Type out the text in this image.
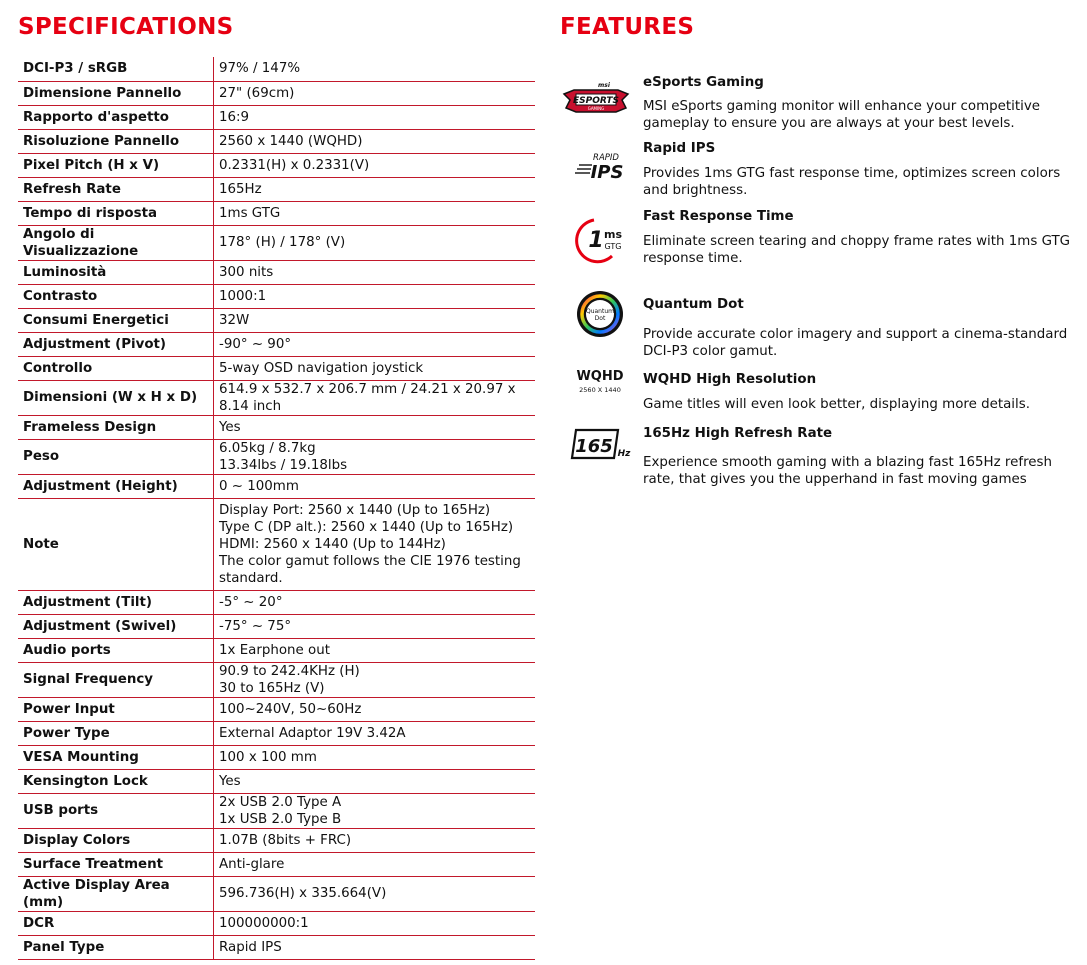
SPECIFICATIONS
DCI-P3 / sRGB	97% / 147%
Dimensione Pannello	27" (69cm)
Rapporto d'aspetto	16:9
Risoluzione Pannello	2560 x 1440 (WQHD)
Pixel Pitch (H x V)	0.2331(H) x 0.2331(V)
Refresh Rate	165Hz
Tempo di risposta	1ms GTG
Angolo di Visualizzazione	178° (H) / 178° (V)
Luminosità	300 nits
Contrasto	1000:1
Consumi Energetici	32W
Adjustment (Pivot)	-90° ~ 90°
Controllo	5-way OSD navigation joystick
Dimensioni (W x H x D)	614.9 x 532.7 x 206.7 mm / 24.21 x 20.97 x 8.14 inch
Frameless Design	Yes
Peso	6.05kg / 8.7kg
13.34lbs / 19.18lbs
Adjustment (Height)	0 ~ 100mm
Note	Display Port: 2560 x 1440 (Up to 165Hz)
Type C (DP alt.): 2560 x 1440 (Up to 165Hz)
HDMI: 2560 x 1440 (Up to 144Hz)
The color gamut follows the CIE 1976 testing standard.
Adjustment (Tilt)	-5° ~ 20°
Adjustment (Swivel)	-75° ~ 75°
Audio ports	1x Earphone out
Signal Frequency	90.9 to 242.4KHz (H)
30 to 165Hz (V)
Power Input	100~240V, 50~60Hz
Power Type	External Adaptor 19V 3.42A
VESA Mounting	100 x 100 mm
Kensington Lock	Yes
USB ports	2x USB 2.0 Type A
1x USB 2.0 Type B
Display Colors	1.07B (8bits + FRC)
Surface Treatment	Anti-glare
Active Display Area (mm)	596.736(H) x 335.664(V)
DCR	100000000:1
Panel Type	Rapid IPS
FEATURES
ESPORTS
msi
GAMING
eSports Gaming
MSI eSports gaming monitor will enhance your competitive gameplay to ensure you are always at your best levels.
RAPID
IPS
Rapid IPS
Provides 1ms GTG fast response time, optimizes screen colors and brightness.
1 ms
GTG
Fast Response Time
Eliminate screen tearing and choppy frame rates with 1ms GTG response time.
Quantum
Dot
Quantum Dot
Provide accurate color imagery and support a cinema-standard DCI-P3 color gamut.
WQHD
2560 X 1440
WQHD High Resolution
Game titles will even look better, displaying more details.
165 Hz
165Hz High Refresh Rate
Experience smooth gaming with a blazing fast 165Hz refresh rate, that gives you the upperhand in fast moving games
